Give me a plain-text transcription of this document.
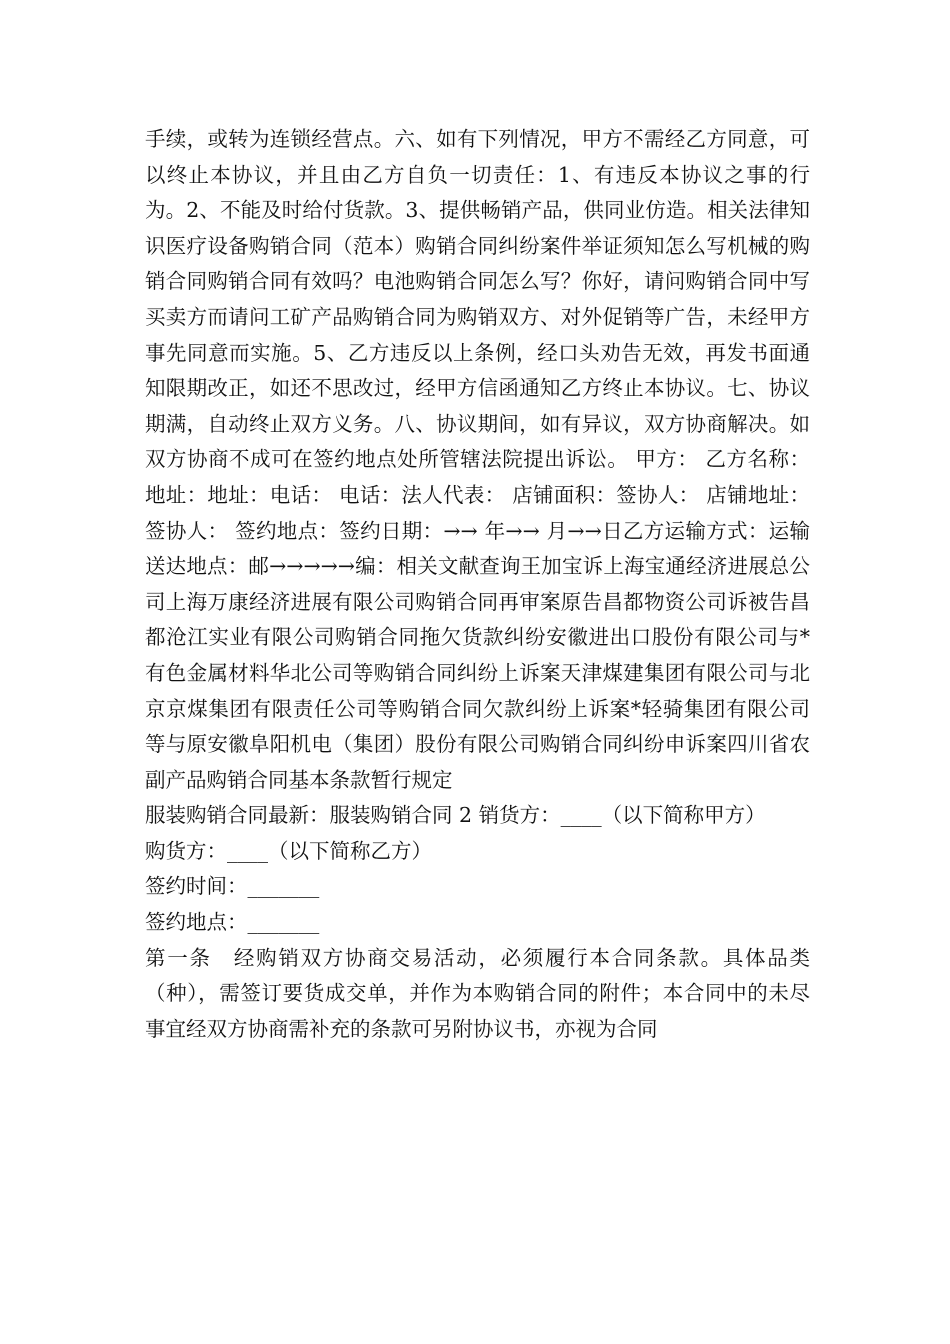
手续，或转为连锁经营点。六、如有下列情况，甲方不需经乙方同意，可以终止本协议，并且由乙方自负一切责任：1、有违反本协议之事的行为。2、不能及时给付货款。3、提供畅销产品，供同业仿造。相关法律知识医疗设备购销合同（范本）购销合同纠纷案件举证须知怎么写机械的购销合同购销合同有效吗？电池购销合同怎么写？你好，请问购销合同中写买卖方而请问工矿产品购销合同为购销双方、对外促销等广告，未经甲方事先同意而实施。5、乙方违反以上条例，经口头劝告无效，再发书面通知限期改正，如还不思改过，经甲方信函通知乙方终止本协议。七、协议期满，自动终止双方义务。八、协议期间，如有异议，双方协商解决。如双方协商不成可在签约地点处所管辖法院提出诉讼。 甲方： 乙方名称：地址：地址：电话： 电话：法人代表： 店铺面积：签协人： 店铺地址：签协人： 签约地点：签约日期：→→ 年→→ 月→→日乙方运输方式：运输送达地点：邮→→→→→编：相关文献查询王加宝诉上海宝通经济进展总公司上海万康经济进展有限公司购销合同再审案原告昌都物资公司诉被告昌都沧江实业有限公司购销合同拖欠货款纠纷安徽进出口股份有限公司与*有色金属材料华北公司等购销合同纠纷上诉案天津煤建集团有限公司与北京京煤集团有限责任公司等购销合同欠款纠纷上诉案*轻骑集团有限公司等与原安徽阜阳机电（集团）股份有限公司购销合同纠纷申诉案四川省农副产品购销合同基本条款暂行规定

服装购销合同最新：服装购销合同 2 销货方：____（以下简称甲方）

购货方：____（以下简称乙方）

签约时间：_______

签约地点：_______

第一条　经购销双方协商交易活动，必须履行本合同条款。具体品类（种），需签订要货成交单，并作为本购销合同的附件；本合同中的未尽事宜经双方协商需补充的条款可另附协议书，亦视为合同
